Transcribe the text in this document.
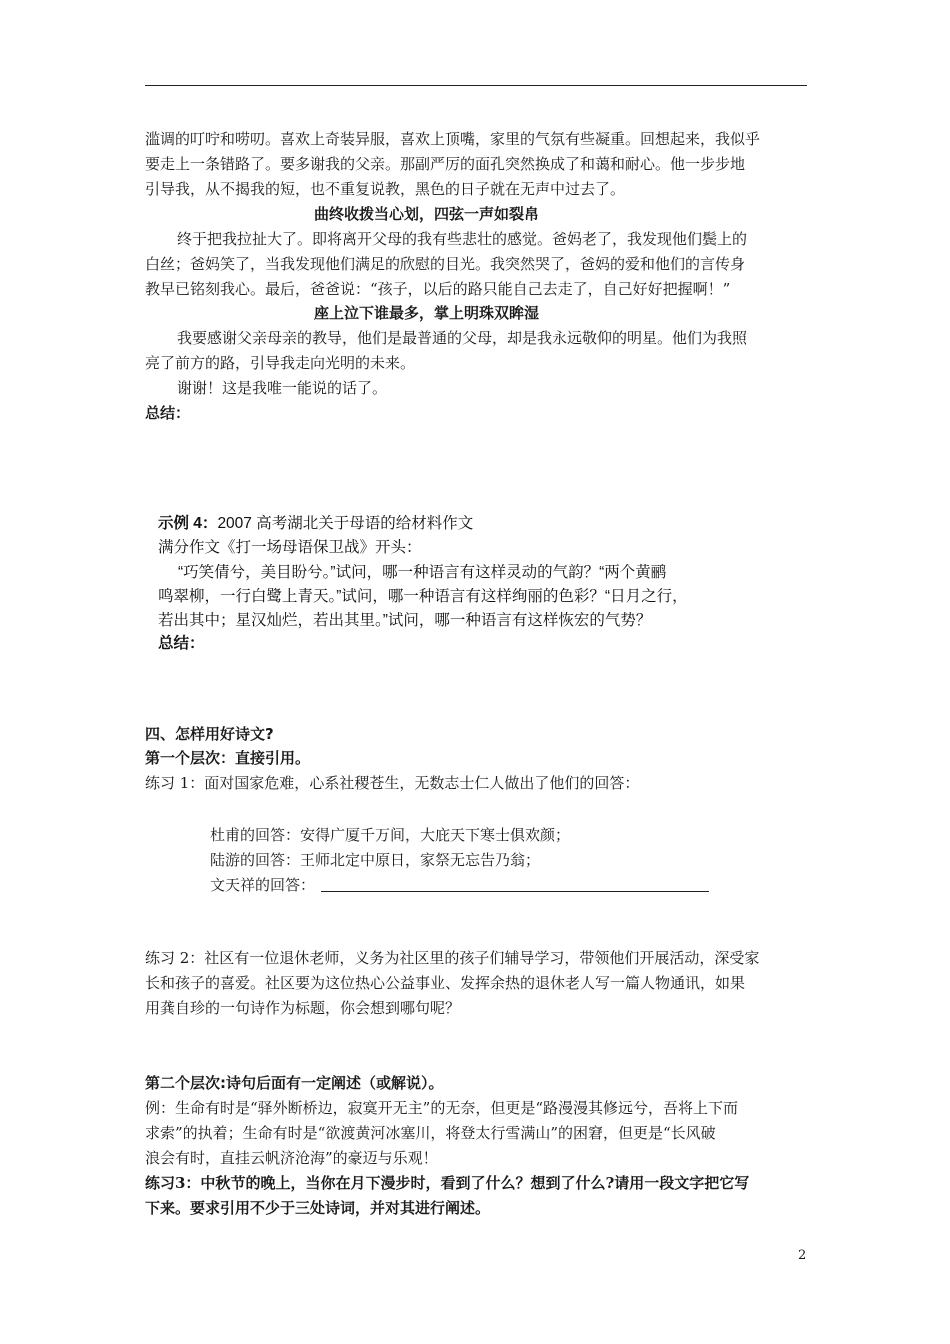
滥调的叮咛和唠叨。喜欢上奇装异服，喜欢上顶嘴，家里的气氛有些凝重。回想起来，我似乎
要走上一条错路了。要多谢我的父亲。那副严厉的面孔突然换成了和蔼和耐心。他一步步地
引导我，从不揭我的短，也不重复说教，黑色的日子就在无声中过去了。
曲终收拨当心划，四弦一声如裂帛
终于把我拉扯大了。即将离开父母的我有些悲壮的感觉。爸妈老了，我发现他们鬓上的
白丝；爸妈笑了，当我发现他们满足的欣慰的目光。我突然哭了，爸妈的爱和他们的言传身
教早已铭刻我心。最后，爸爸说：“孩子，以后的路只能自己去走了，自己好好把握啊！”
座上泣下谁最多，掌上明珠双眸湿
我要感谢父亲母亲的教导，他们是最普通的父母，却是我永远敬仰的明星。他们为我照
亮了前方的路，引导我走向光明的未来。
谢谢！这是我唯一能说的话了。
总结：
示例 4：2007 高考湖北关于母语的给材料作文
满分作文《打一场母语保卫战》开头：
“巧笑倩兮，美目盼兮。”试问，哪一种语言有这样灵动的气韵？“两个黄鹂
鸣翠柳，一行白鹭上青天。”试问，哪一种语言有这样绚丽的色彩？“日月之行，
若出其中；星汉灿烂，若出其里。”试问，哪一种语言有这样恢宏的气势？
总结：
四、怎样用好诗文?
第一个层次：直接引用。
练习 1：面对国家危难，心系社稷苍生，无数志士仁人做出了他们的回答：
杜甫的回答：安得广厦千万间，大庇天下寒士俱欢颜；
陆游的回答：王师北定中原日，家祭无忘告乃翁；
文天祥的回答：
练习 2：社区有一位退休老师，义务为社区里的孩子们辅导学习，带领他们开展活动，深受家
长和孩子的喜爱。社区要为这位热心公益事业、发挥余热的退休老人写一篇人物通讯，如果
用龚自珍的一句诗作为标题，你会想到哪句呢？
第二个层次:诗句后面有一定阐述（或解说）。
例：生命有时是“驿外断桥边，寂寞开无主”的无奈，但更是“路漫漫其修远兮，吾将上下而
求索”的执着；生命有时是“欲渡黄河冰塞川，将登太行雪满山”的困窘，但更是“长风破
浪会有时，直挂云帆济沧海”的豪迈与乐观！
练习3：中秋节的晚上，当你在月下漫步时，看到了什么？想到了什么?请用一段文字把它写
下来。要求引用不少于三处诗词，并对其进行阐述。
2
